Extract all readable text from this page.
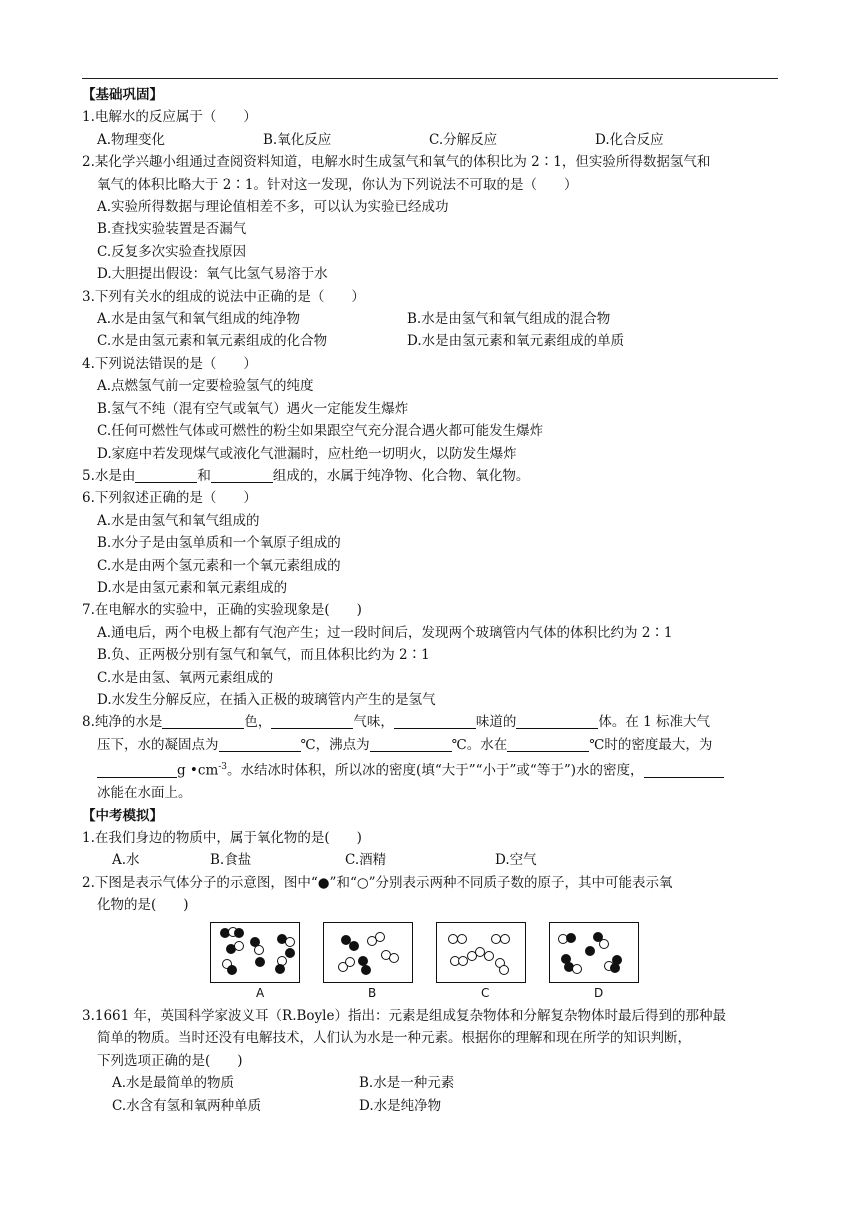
【基础巩固】
1.电解水的反应属于（　　）
A.物理变化	B.氧化反应	C.分解反应	D.化合反应
2.某化学兴趣小组通过查阅资料知道，电解水时生成氢气和氧气的体积比为 2∶1，但实验所得数据氢气和
氧气的体积比略大于 2∶1。针对这一发现，你认为下列说法不可取的是（　　）
A.实验所得数据与理论值相差不多，可以认为实验已经成功
B.查找实验装置是否漏气
C.反复多次实验查找原因
D.大胆提出假设：氧气比氢气易溶于水
3.下列有关水的组成的说法中正确的是（　　）
A.水是由氢气和氧气组成的纯净物	B.水是由氢气和氧气组成的混合物
C.水是由氢元素和氧元素组成的化合物	D.水是由氢元素和氧元素组成的单质
4.下列说法错误的是（　　）
A.点燃氢气前一定要检验氢气的纯度
B.氢气不纯（混有空气或氧气）遇火一定能发生爆炸
C.任何可燃性气体或可燃性的粉尘如果跟空气充分混合遇火都可能发生爆炸
D.家庭中若发现煤气或液化气泄漏时，应杜绝一切明火，以防发生爆炸
5.水是由	和	组成的，水属于纯净物、化合物、氧化物。
6.下列叙述正确的是（　　）
A.水是由氢气和氧气组成的
B.水分子是由氢单质和一个氧原子组成的
C.水是由两个氢元素和一个氧元素组成的
D.水是由氢元素和氧元素组成的
7.在电解水的实验中，正确的实验现象是(　　)
A.通电后，两个电极上都有气泡产生；过一段时间后，发现两个玻璃管内气体的体积比约为 2∶1
B.负、正两极分别有氢气和氧气，而且体积比约为 2∶1
C.水是由氢、氧两元素组成的
D.水发生分解反应，在插入正极的玻璃管内产生的是氢气
8.纯净的水是	色，	气味，	味道的	体。在 1 标准大气
压下，水的凝固点为	℃，沸点为	℃。水在	℃时的密度最大，为
g $•cm^{-3}$。水结冰时体积，所以冰的密度(填“大于”“小于”或“等于”)水的密度，
冰能在水面上。
【中考模拟】
1.在我们身边的物质中，属于氧化物的是(　　)
A.水	B.食盐	C.酒精	D.空气
2.下图是表示气体分子的示意图，图中“●”和“○”分别表示两种不同质子数的原子，其中可能表示氧
化物的是(　　)
A	B	C	D
3.1661 年，英国科学家波义耳（R.Boyle）指出：元素是组成复杂物体和分解复杂物体时最后得到的那种最
简单的物质。当时还没有电解技术，人们认为水是一种元素。根据你的理解和现在所学的知识判断，
下列选项正确的是(　　)
A.水是最简单的物质	B.水是一种元素
C.水含有氢和氧两种单质	D.水是纯净物
